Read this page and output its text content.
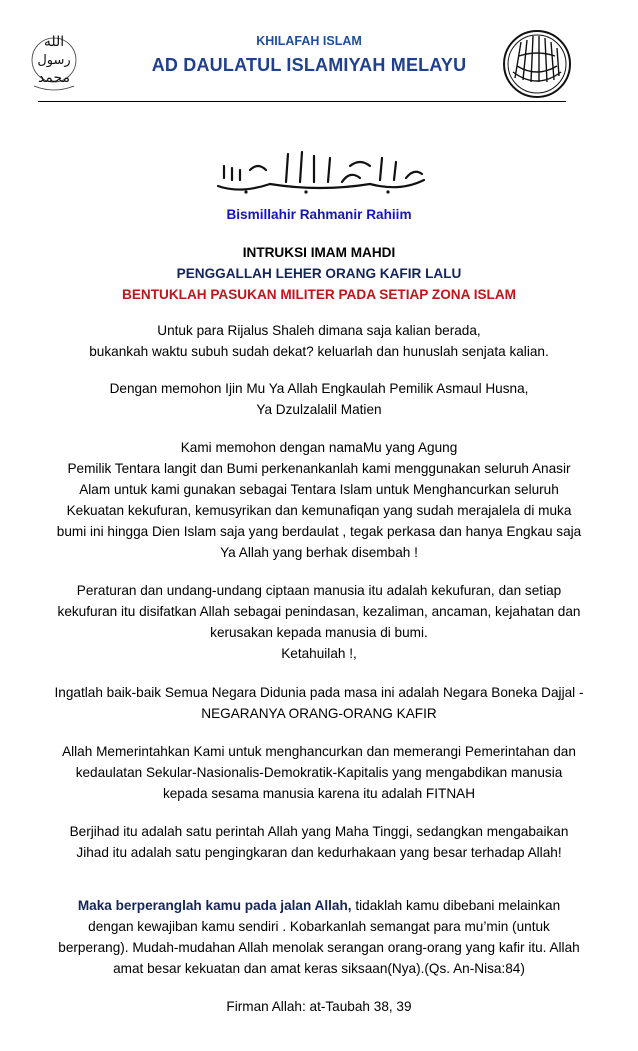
الله
رسول
محمد
KHILAFAH ISLAM
AD DAULATUL ISLAMIYAH MELAYU

Bismillahir Rahmanir Rahiim

INTRUKSI IMAM MAHDI

PENGGALLAH LEHER ORANG KAFIR LALU

BENTUKLAH PASUKAN MILITER PADA SETIAP ZONA ISLAM

Untuk para Rijalus Shaleh dimana saja kalian berada,

bukankah waktu subuh sudah dekat? keluarlah dan hunuslah senjata kalian.

Dengan memohon Ijin Mu Ya Allah Engkaulah Pemilik Asmaul Husna,

Ya Dzulzalalil Matien

Kami memohon dengan namaMu yang Agung

Pemilik Tentara langit dan Bumi perkenankanlah kami menggunakan seluruh Anasir

Alam untuk kami gunakan sebagai Tentara Islam untuk Menghancurkan seluruh

Kekuatan kekufuran, kemusyrikan dan kemunafiqan yang sudah merajalela di muka

bumi ini hingga Dien Islam saja yang berdaulat , tegak perkasa dan hanya Engkau saja

Ya Allah yang berhak disembah !

Peraturan dan undang-undang ciptaan manusia itu adalah kekufuran, dan setiap

kekufuran itu disifatkan Allah sebagai penindasan, kezaliman, ancaman, kejahatan dan

kerusakan kepada manusia di bumi.

Ketahuilah !,

Ingatlah baik-baik Semua Negara Didunia pada masa ini adalah Negara Boneka Dajjal -

NEGARANYA ORANG-ORANG KAFIR

Allah Memerintahkan Kami untuk menghancurkan dan memerangi Pemerintahan dan

kedaulatan Sekular-Nasionalis-Demokratik-Kapitalis yang mengabdikan manusia

kepada sesama manusia karena itu adalah FITNAH

Berjihad itu adalah satu perintah Allah yang Maha Tinggi, sedangkan mengabaikan

Jihad itu adalah satu pengingkaran dan kedurhakaan yang besar terhadap Allah!

Maka berperanglah kamu pada jalan Allah, tidaklah kamu dibebani melainkan

dengan kewajiban kamu sendiri . Kobarkanlah semangat para mu’min (untuk

berperang). Mudah-mudahan Allah menolak serangan orang-orang yang kafir itu. Allah

amat besar kekuatan dan amat keras siksaan(Nya).(Qs. An-Nisa:84)

Firman Allah: at-Taubah 38, 39
